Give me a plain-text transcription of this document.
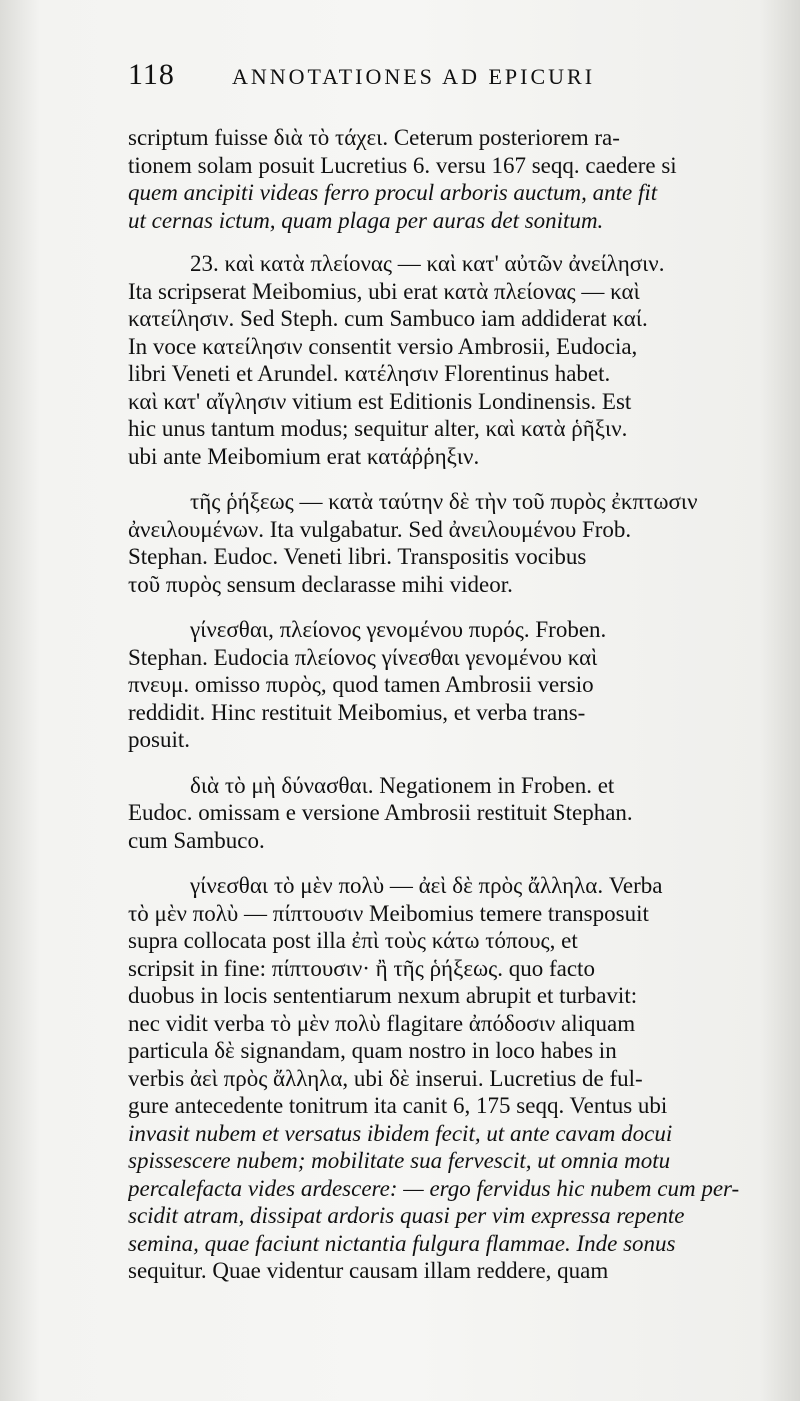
118	ANNOTATIONES AD EPICURI
scriptum fuisse διὰ τὸ τάχει. Ceterum posteriorem ra-
tionem solam posuit Lucretius 6. versu 167 seqq. caedere si
quem ancipiti videas ferro procul arboris auctum, ante fit
ut cernas ictum, quam plaga per auras det sonitum.
23. καὶ κατὰ πλείονας — καὶ κατ' αὐτῶν ἀνείλησιν.
Ita scripserat Meibomius, ubi erat κατὰ πλείονας — καὶ
κατείλησιν. Sed Steph. cum Sambuco iam addiderat καί.
In voce κατείλησιν consentit versio Ambrosii, Eudocia,
libri Veneti et Arundel. κατέλησιν Florentinus habet.
καὶ κατ' αἴγλησιν vitium est Editionis Londinensis. Est
hic unus tantum modus; sequitur alter, καὶ κατὰ ῥῆξιν.
ubi ante Meibomium erat κατάῤῥηξιν.
τῆς ῥήξεως — κατὰ ταύτην δὲ τὴν τοῦ πυρὸς ἐκπτωσιν
ἀνειλουμένων. Ita vulgabatur. Sed ἀνειλουμένου Frob.
Stephan. Eudoc. Veneti libri. Transpositis vocibus
τοῦ πυρὸς sensum declarasse mihi videor.
γίνεσθαι, πλείονος γενομένου πυρός. Froben.
Stephan. Eudocia πλείονος γίνεσθαι γενομένου καὶ
πνευμ. omisso πυρὸς, quod tamen Ambrosii versio
reddidit. Hinc restituit Meibomius, et verba trans-
posuit.
διὰ τὸ μὴ δύνασθαι. Negationem in Froben. et
Eudoc. omissam e versione Ambrosii restituit Stephan.
cum Sambuco.
γίνεσθαι τὸ μὲν πολὺ — ἀεὶ δὲ πρὸς ἄλληλα. Verba
τὸ μὲν πολὺ — πίπτουσιν Meibomius temere transposuit
supra collocata post illa ἐπὶ τοὺς κάτω τόπους, et
scripsit in fine: πίπτουσιν· ἢ τῆς ῥήξεως. quo facto
duobus in locis sententiarum nexum abrupit et turbavit:
nec vidit verba τὸ μὲν πολὺ flagitare ἀπόδοσιν aliquam
particula δὲ signandam, quam nostro in loco habes in
verbis ἀεὶ πρὸς ἄλληλα, ubi δὲ inserui. Lucretius de ful-
gure antecedente tonitrum ita canit 6, 175 seqq. Ventus ubi
invasit nubem et versatus ibidem fecit, ut ante cavam docui
spissescere nubem; mobilitate sua fervescit, ut omnia motu
percalefacta vides ardescere: — ergo fervidus hic nubem cum per-
scidit atram, dissipat ardoris quasi per vim expressa repente
semina, quae faciunt nictantia fulgura flammae. Inde sonus
sequitur. Quae videntur causam illam reddere, quam
